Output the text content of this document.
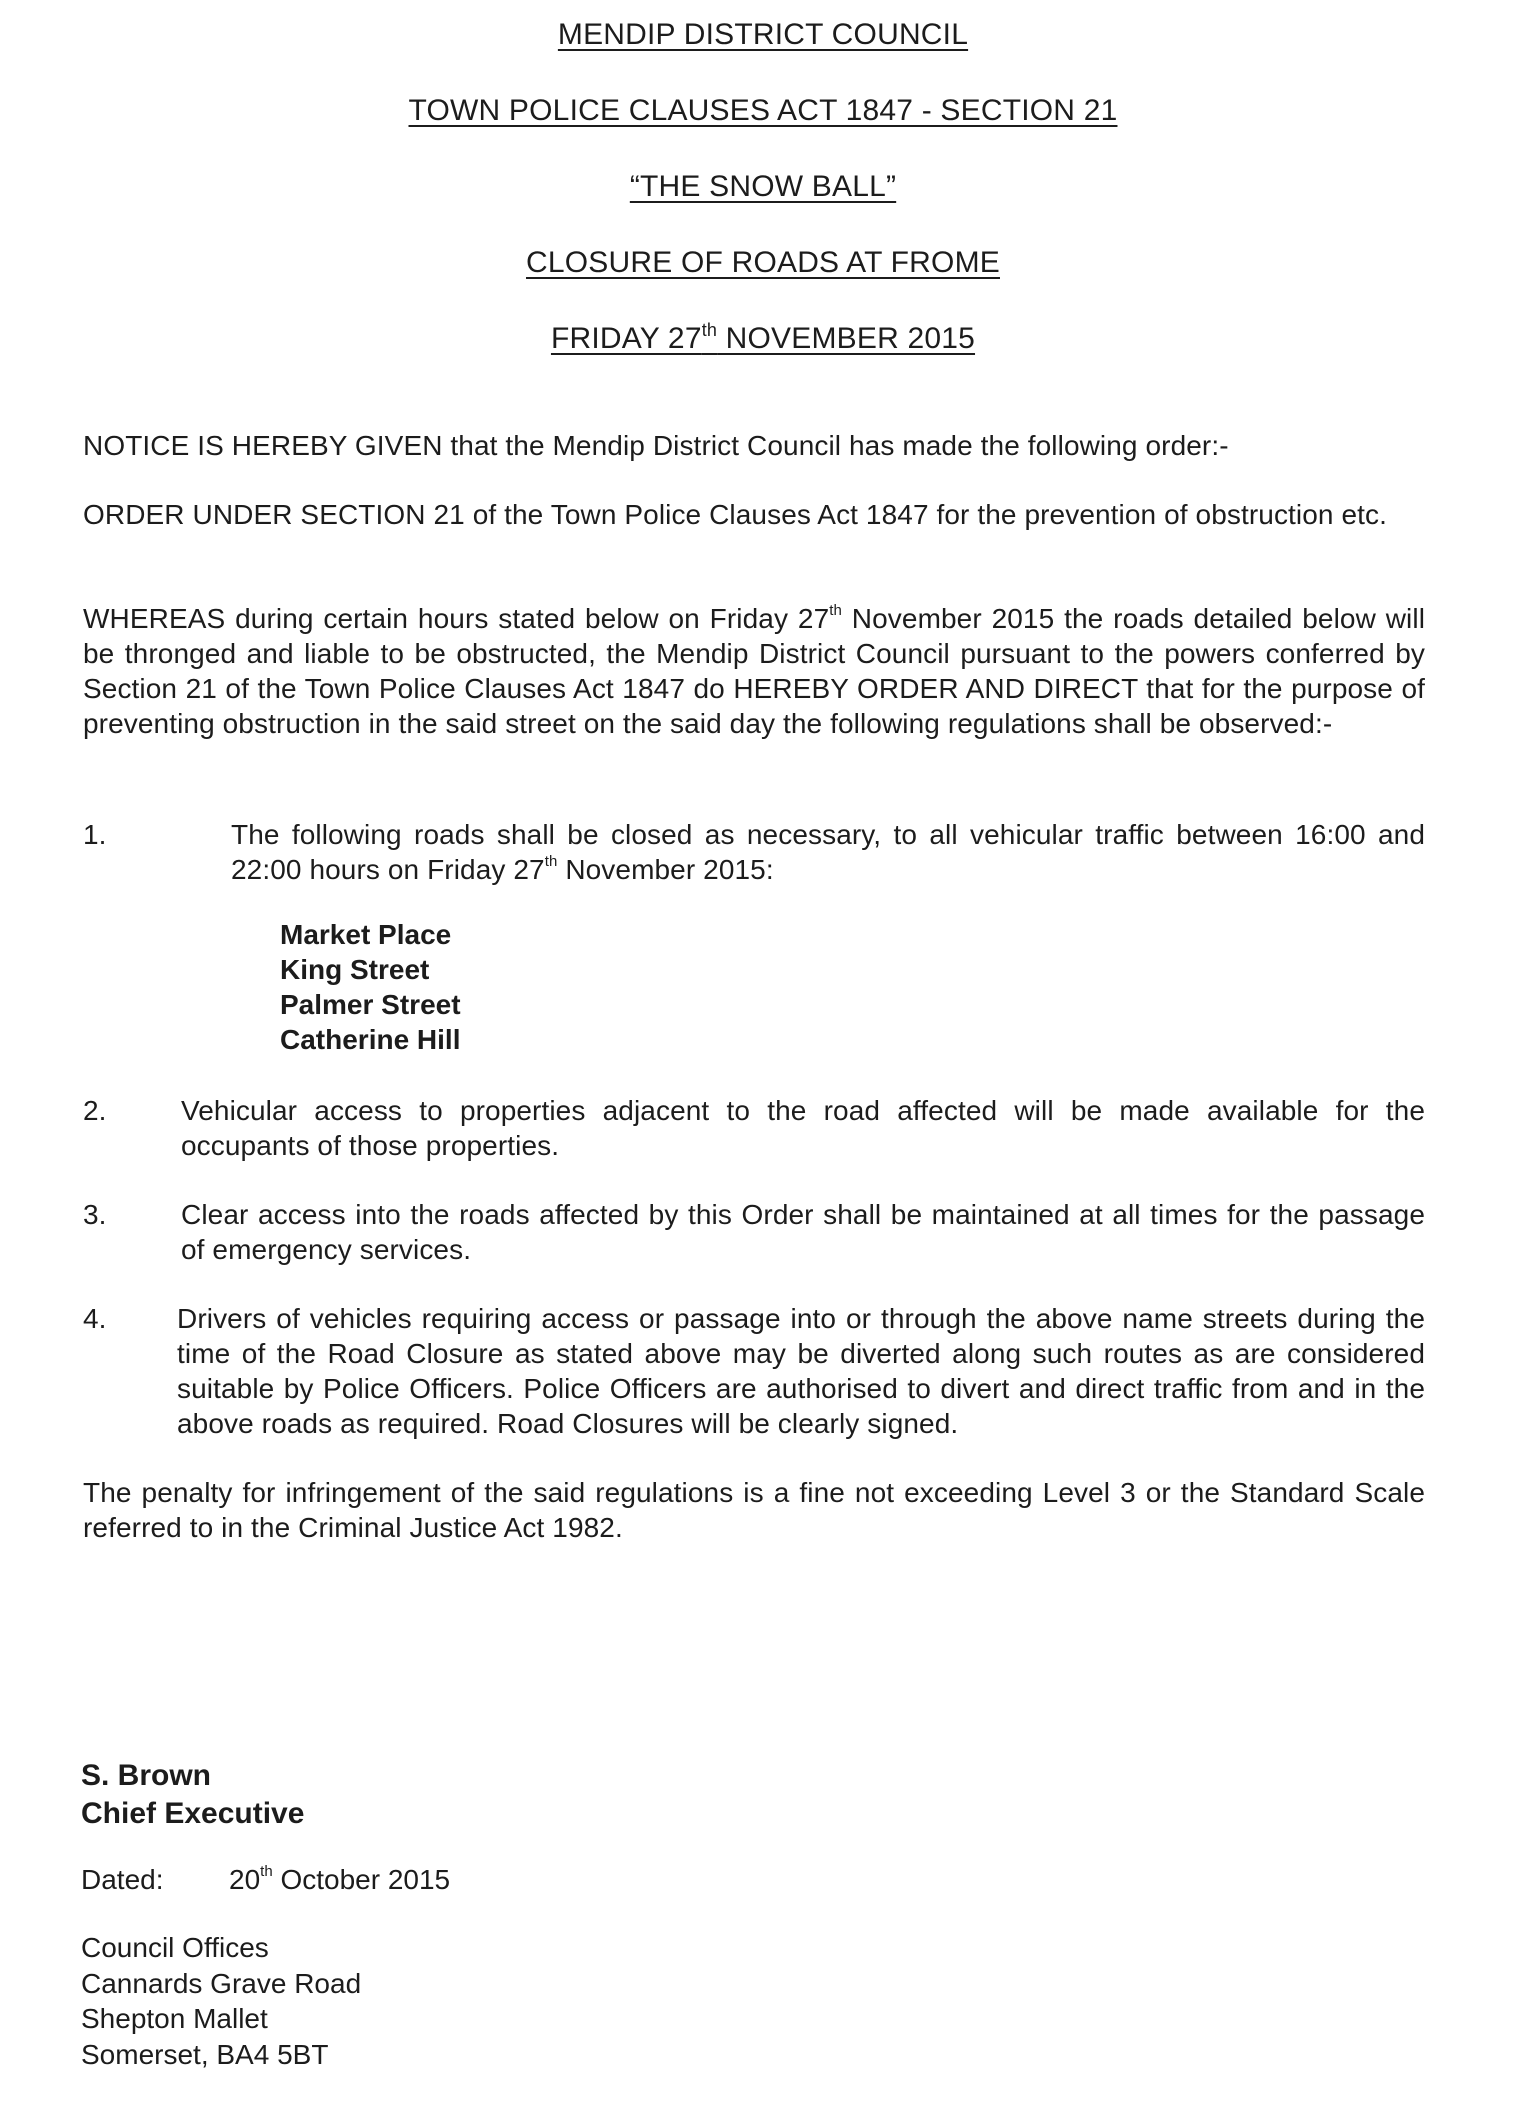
MENDIP DISTRICT COUNCIL
TOWN POLICE CLAUSES ACT 1847 - SECTION 21
“THE SNOW BALL”
CLOSURE OF ROADS AT FROME
FRIDAY 27th NOVEMBER 2015
NOTICE IS HEREBY GIVEN that the Mendip District Council has made the following order:-
ORDER UNDER SECTION 21 of the Town Police Clauses Act 1847 for the prevention of obstruction etc.
WHEREAS during certain hours stated below on Friday 27th November 2015 the roads detailed below will be thronged and liable to be obstructed, the Mendip District Council pursuant to the powers conferred by Section 21 of the Town Police Clauses Act 1847 do HEREBY ORDER AND DIRECT that for the purpose of preventing obstruction in the said street on the said day the following regulations shall be observed:-
1.	The following roads shall be closed as necessary, to all vehicular traffic between 16:00 and 22:00 hours on Friday 27th November 2015:
Market Place
King Street
Palmer Street
Catherine Hill
2.	Vehicular access to properties adjacent to the road affected will be made available for the occupants of those properties.
3.	Clear access into the roads affected by this Order shall be maintained at all times for the passage of emergency services.
4.	Drivers of vehicles requiring access or passage into or through the above name streets during the time of the Road Closure as stated above may be diverted along such routes as are considered suitable by Police Officers. Police Officers are authorised to divert and direct traffic from and in the above roads as required. Road Closures will be clearly signed.
The penalty for infringement of the said regulations is a fine not exceeding Level 3 or the Standard Scale referred to in the Criminal Justice Act 1982.
S. Brown
Chief Executive
Dated: 20th October 2015
Council Offices
Cannards Grave Road
Shepton Mallet
Somerset, BA4 5BT
